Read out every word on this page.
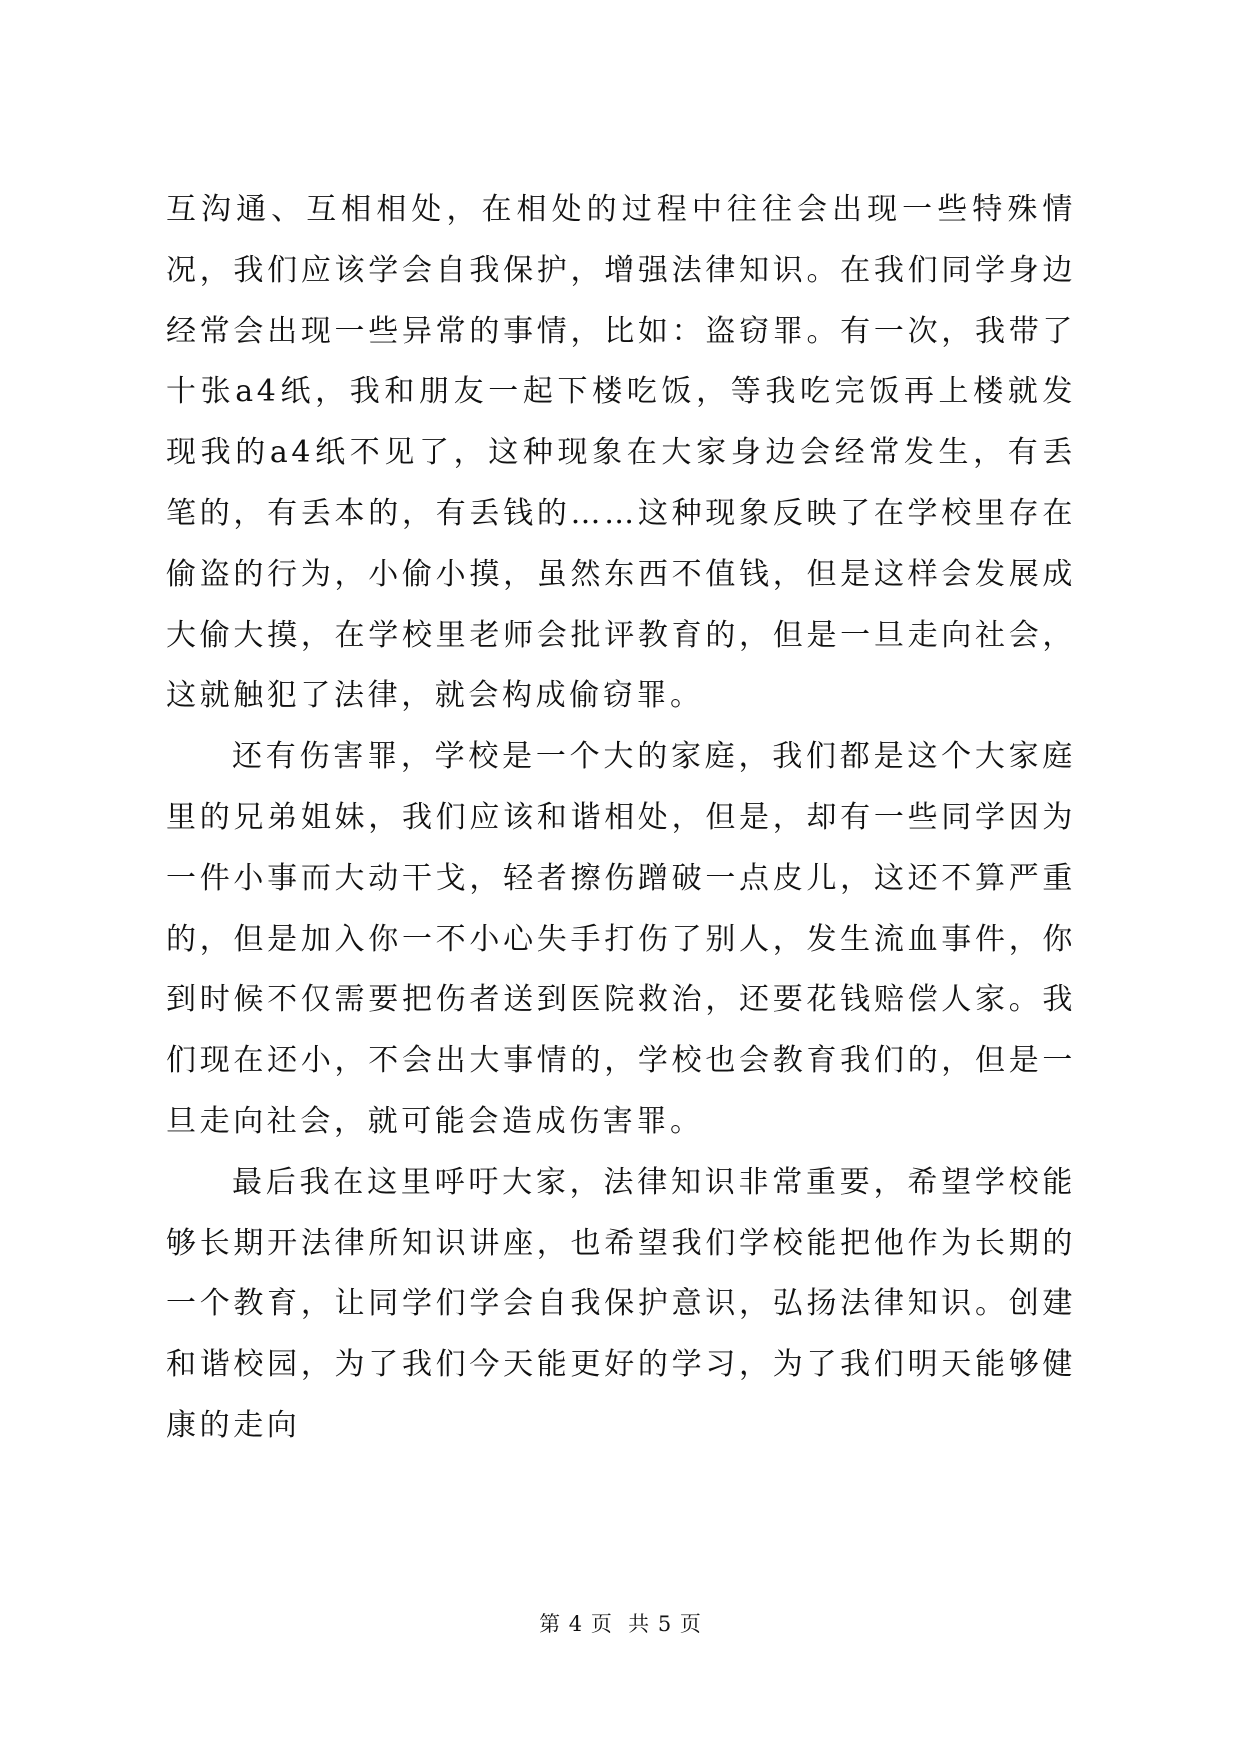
互沟通、互相相处，在相处的过程中往往会出现一些特殊情况，我们应该学会自我保护，增强法律知识。在我们同学身边经常会出现一些异常的事情，比如：盗窃罪。有一次，我带了十张a4纸，我和朋友一起下楼吃饭，等我吃完饭再上楼就发现我的a4纸不见了，这种现象在大家身边会经常发生，有丢笔的，有丢本的，有丢钱的……这种现象反映了在学校里存在偷盗的行为，小偷小摸，虽然东西不值钱，但是这样会发展成大偷大摸，在学校里老师会批评教育的，但是一旦走向社会，这就触犯了法律，就会构成偷窃罪。

还有伤害罪，学校是一个大的家庭，我们都是这个大家庭里的兄弟姐妹，我们应该和谐相处，但是，却有一些同学因为一件小事而大动干戈，轻者擦伤蹭破一点皮儿，这还不算严重的，但是加入你一不小心失手打伤了别人，发生流血事件，你到时候不仅需要把伤者送到医院救治，还要花钱赔偿人家。我们现在还小，不会出大事情的，学校也会教育我们的，但是一旦走向社会，就可能会造成伤害罪。

最后我在这里呼吁大家，法律知识非常重要，希望学校能够长期开法律所知识讲座，也希望我们学校能把他作为长期的一个教育，让同学们学会自我保护意识，弘扬法律知识。创建和谐校园，为了我们今天能更好的学习，为了我们明天能够健康的走向

第 4 页  共 5 页
